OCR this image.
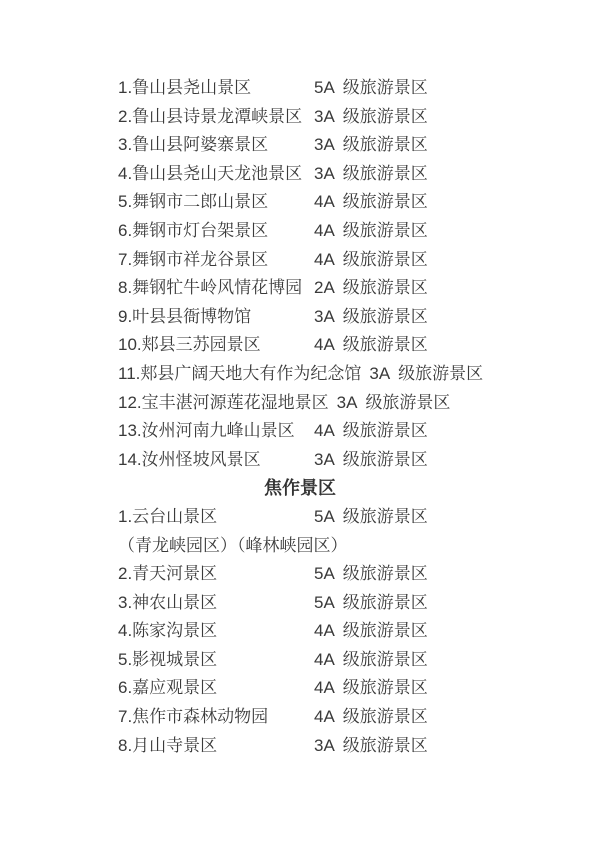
1.鲁山县尧山景区	5A 级旅游景区
2.鲁山县诗景龙潭峡景区 3A 级旅游景区
3.鲁山县阿婆寨景区	3A 级旅游景区
4.鲁山县尧山天龙池景区 3A 级旅游景区
5.舞钢市二郎山景区	4A 级旅游景区
6.舞钢市灯台架景区	4A 级旅游景区
7.舞钢市祥龙谷景区	4A 级旅游景区
8.舞钢牤牛岭风情花博园 2A 级旅游景区
9.叶县县衙博物馆	3A 级旅游景区
10.郏县三苏园景区	4A 级旅游景区
11.郏县广阔天地大有作为纪念馆 3A 级旅游景区
12.宝丰湛河源莲花湿地景区 3A 级旅游景区
13.汝州河南九峰山景区	4A 级旅游景区
14.汝州怪坡风景区	3A 级旅游景区
焦作景区
1.云台山景区	5A 级旅游景区
（青龙峡园区）（峰林峡园区）
2.青天河景区	5A 级旅游景区
3.神农山景区	5A 级旅游景区
4.陈家沟景区	4A 级旅游景区
5.影视城景区	4A 级旅游景区
6.嘉应观景区	4A 级旅游景区
7.焦作市森林动物园	4A 级旅游景区
8.月山寺景区	3A 级旅游景区
